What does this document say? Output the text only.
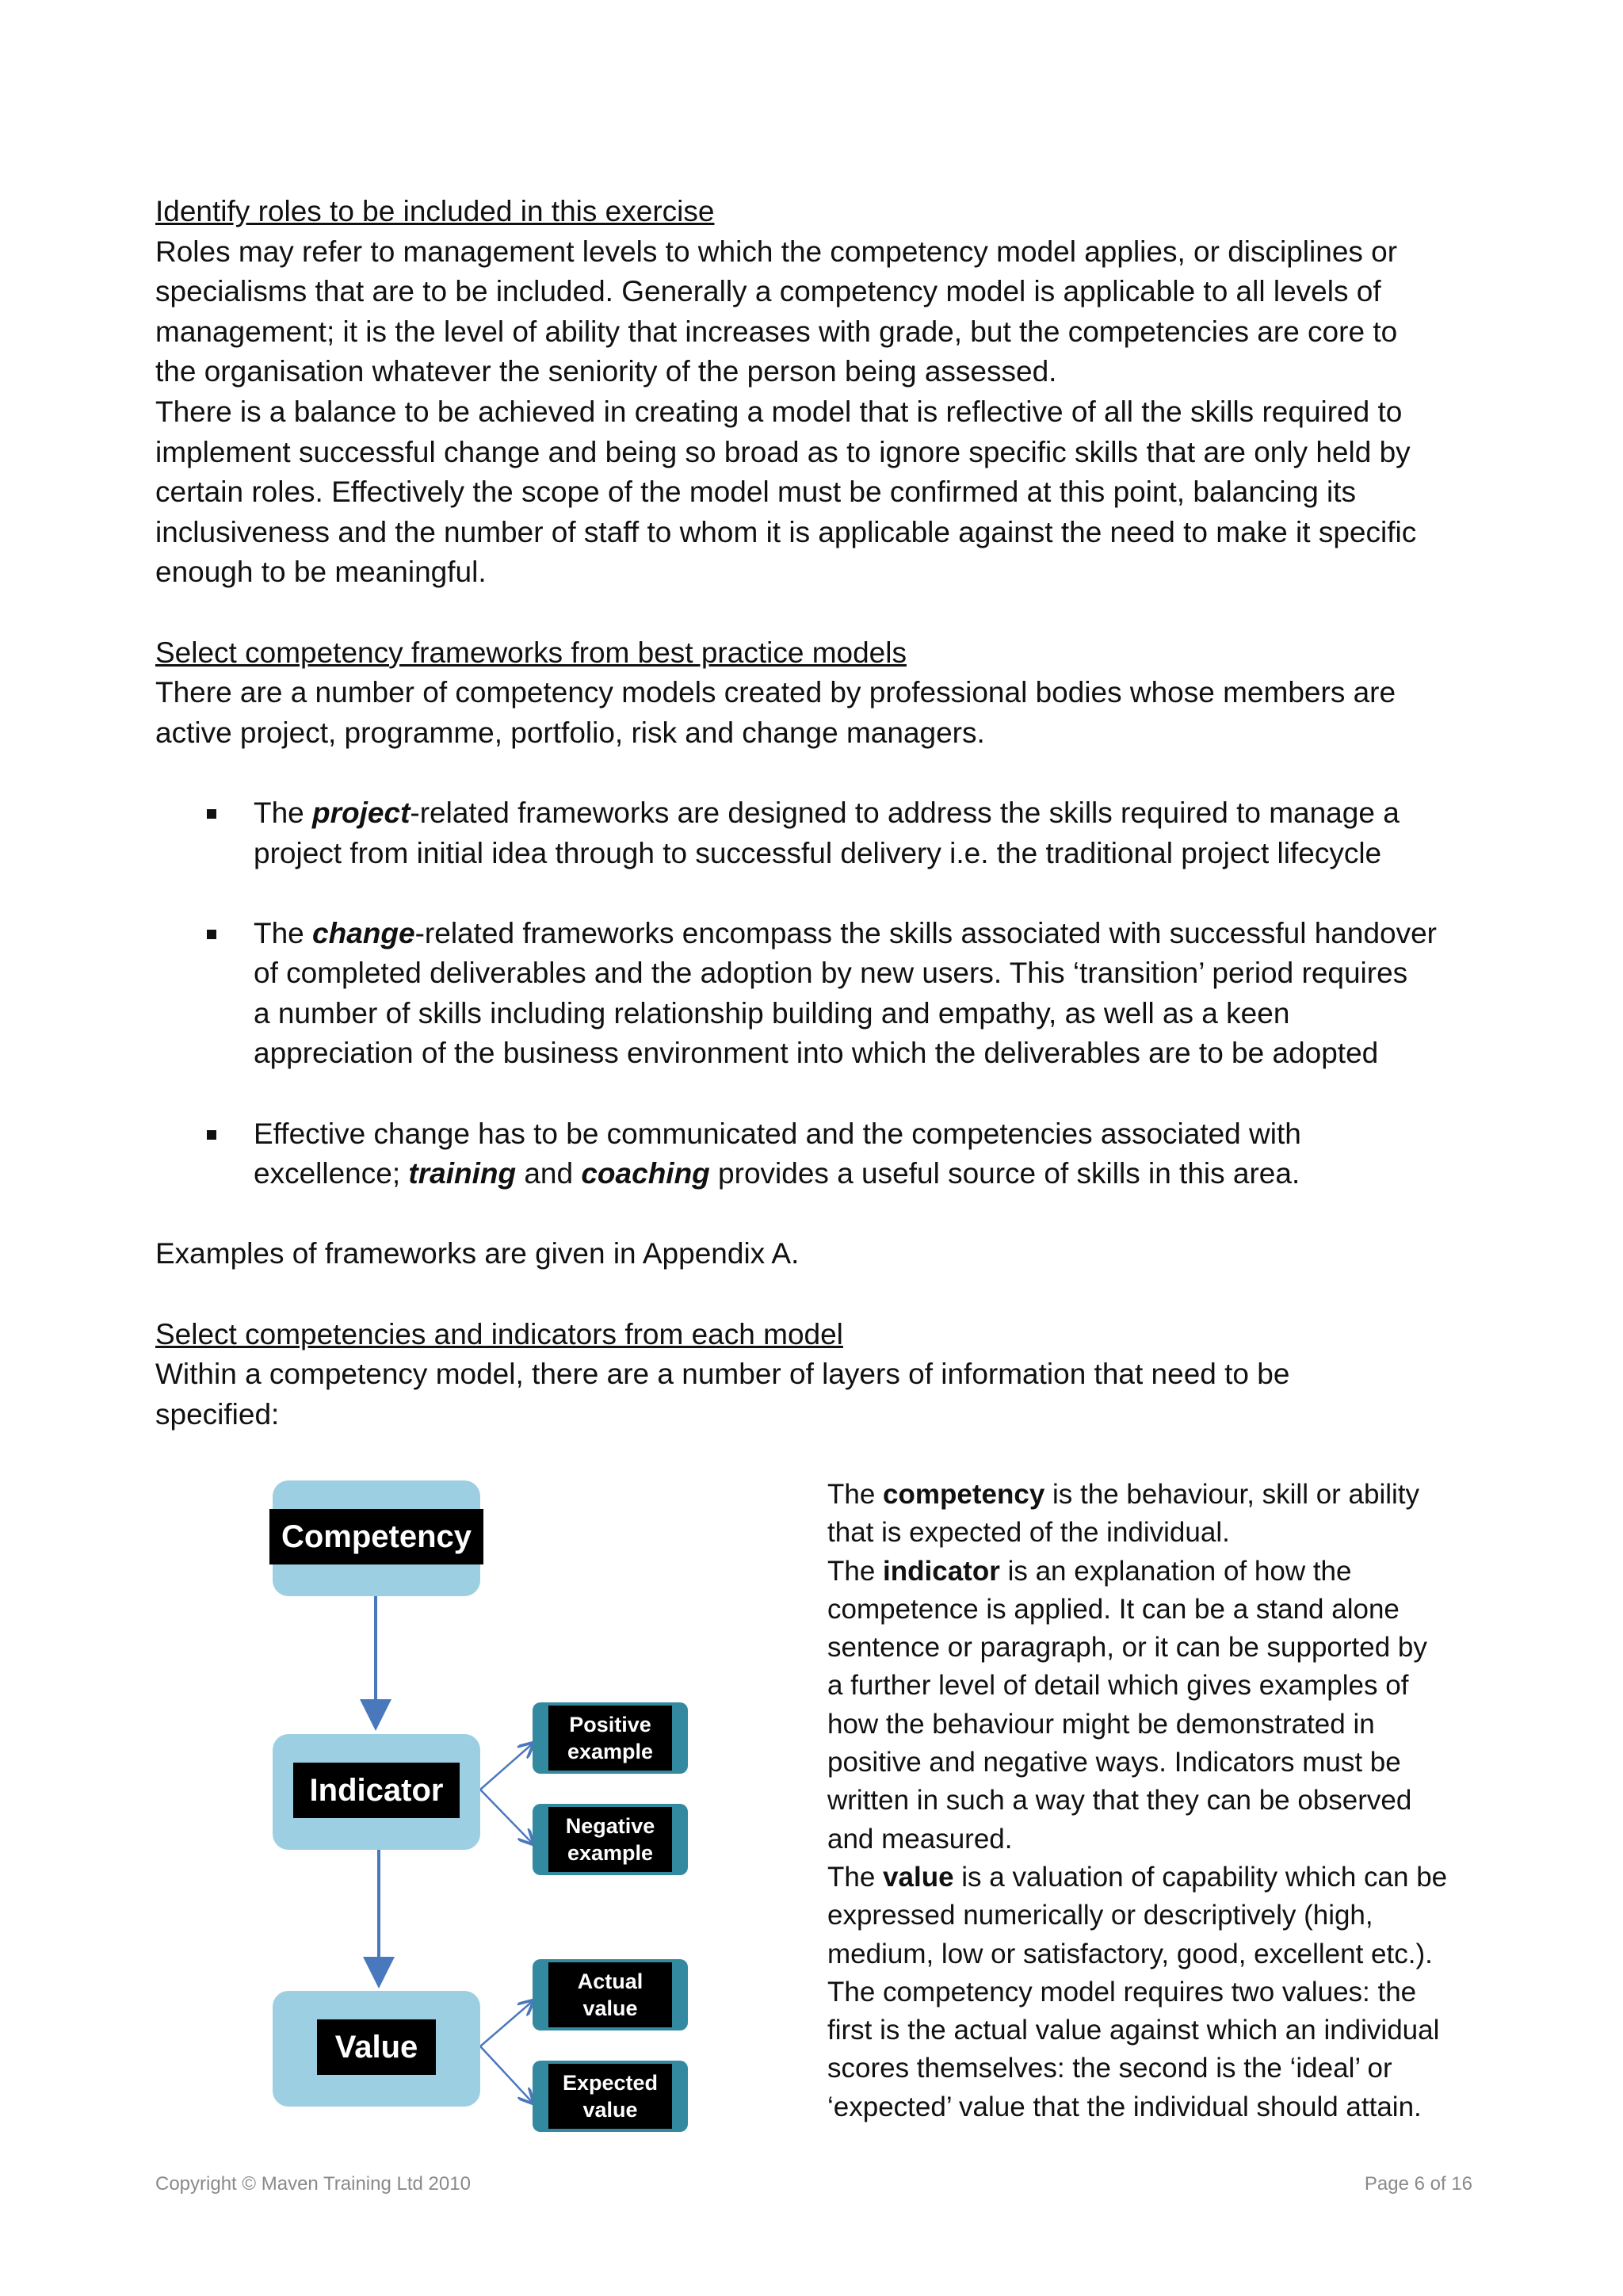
Identify roles to be included in this exercise

Roles may refer to management levels to which the competency model applies, or disciplines or

specialisms that are to be included. Generally a competency model is applicable to all levels of

management; it is the level of ability that increases with grade, but the competencies are core to

the organisation whatever the seniority of the person being assessed.

There is a balance to be achieved in creating a model that is reflective of all the skills required to

implement successful change and being so broad as to ignore specific skills that are only held by

certain roles. Effectively the scope of the model must be confirmed at this point, balancing its

inclusiveness and the number of staff to whom it is applicable against the need to make it specific

enough to be meaningful.

Select competency frameworks from best practice models

There are a number of competency models created by professional bodies whose members are

active project, programme, portfolio, risk and change managers.

The project-related frameworks are designed to address the skills required to manage a

project from initial idea through to successful delivery i.e. the traditional project lifecycle

The change-related frameworks encompass the skills associated with successful handover

of completed deliverables and the adoption by new users. This ‘transition’ period requires

a number of skills including relationship building and empathy, as well as a keen

appreciation of the business environment into which the deliverables are to be adopted

Effective change has to be communicated and the competencies associated with

excellence; training and coaching provides a useful source of skills in this area.

Examples of frameworks are given in Appendix A.

Select competencies and indicators from each model

Within a competency model, there are a number of layers of information that need to be

specified:

Competency
Indicator
Value
Positive
example
Negative
example
Actual
value
Expected
value

The competency is the behaviour, skill or ability

that is expected of the individual.

The indicator is an explanation of how the

competence is applied. It can be a stand alone

sentence or paragraph, or it can be supported by

a further level of detail which gives examples of

how the behaviour might be demonstrated in

positive and negative ways. Indicators must be

written in such a way that they can be observed

and measured.

The value is a valuation of capability which can be

expressed numerically or descriptively (high,

medium, low or satisfactory, good, excellent etc.).

The competency model requires two values: the

first is the actual value against which an individual

scores themselves: the second is the ‘ideal’ or

‘expected’ value that the individual should attain.

Copyright © Maven Training Ltd 2010	Page 6 of 16
